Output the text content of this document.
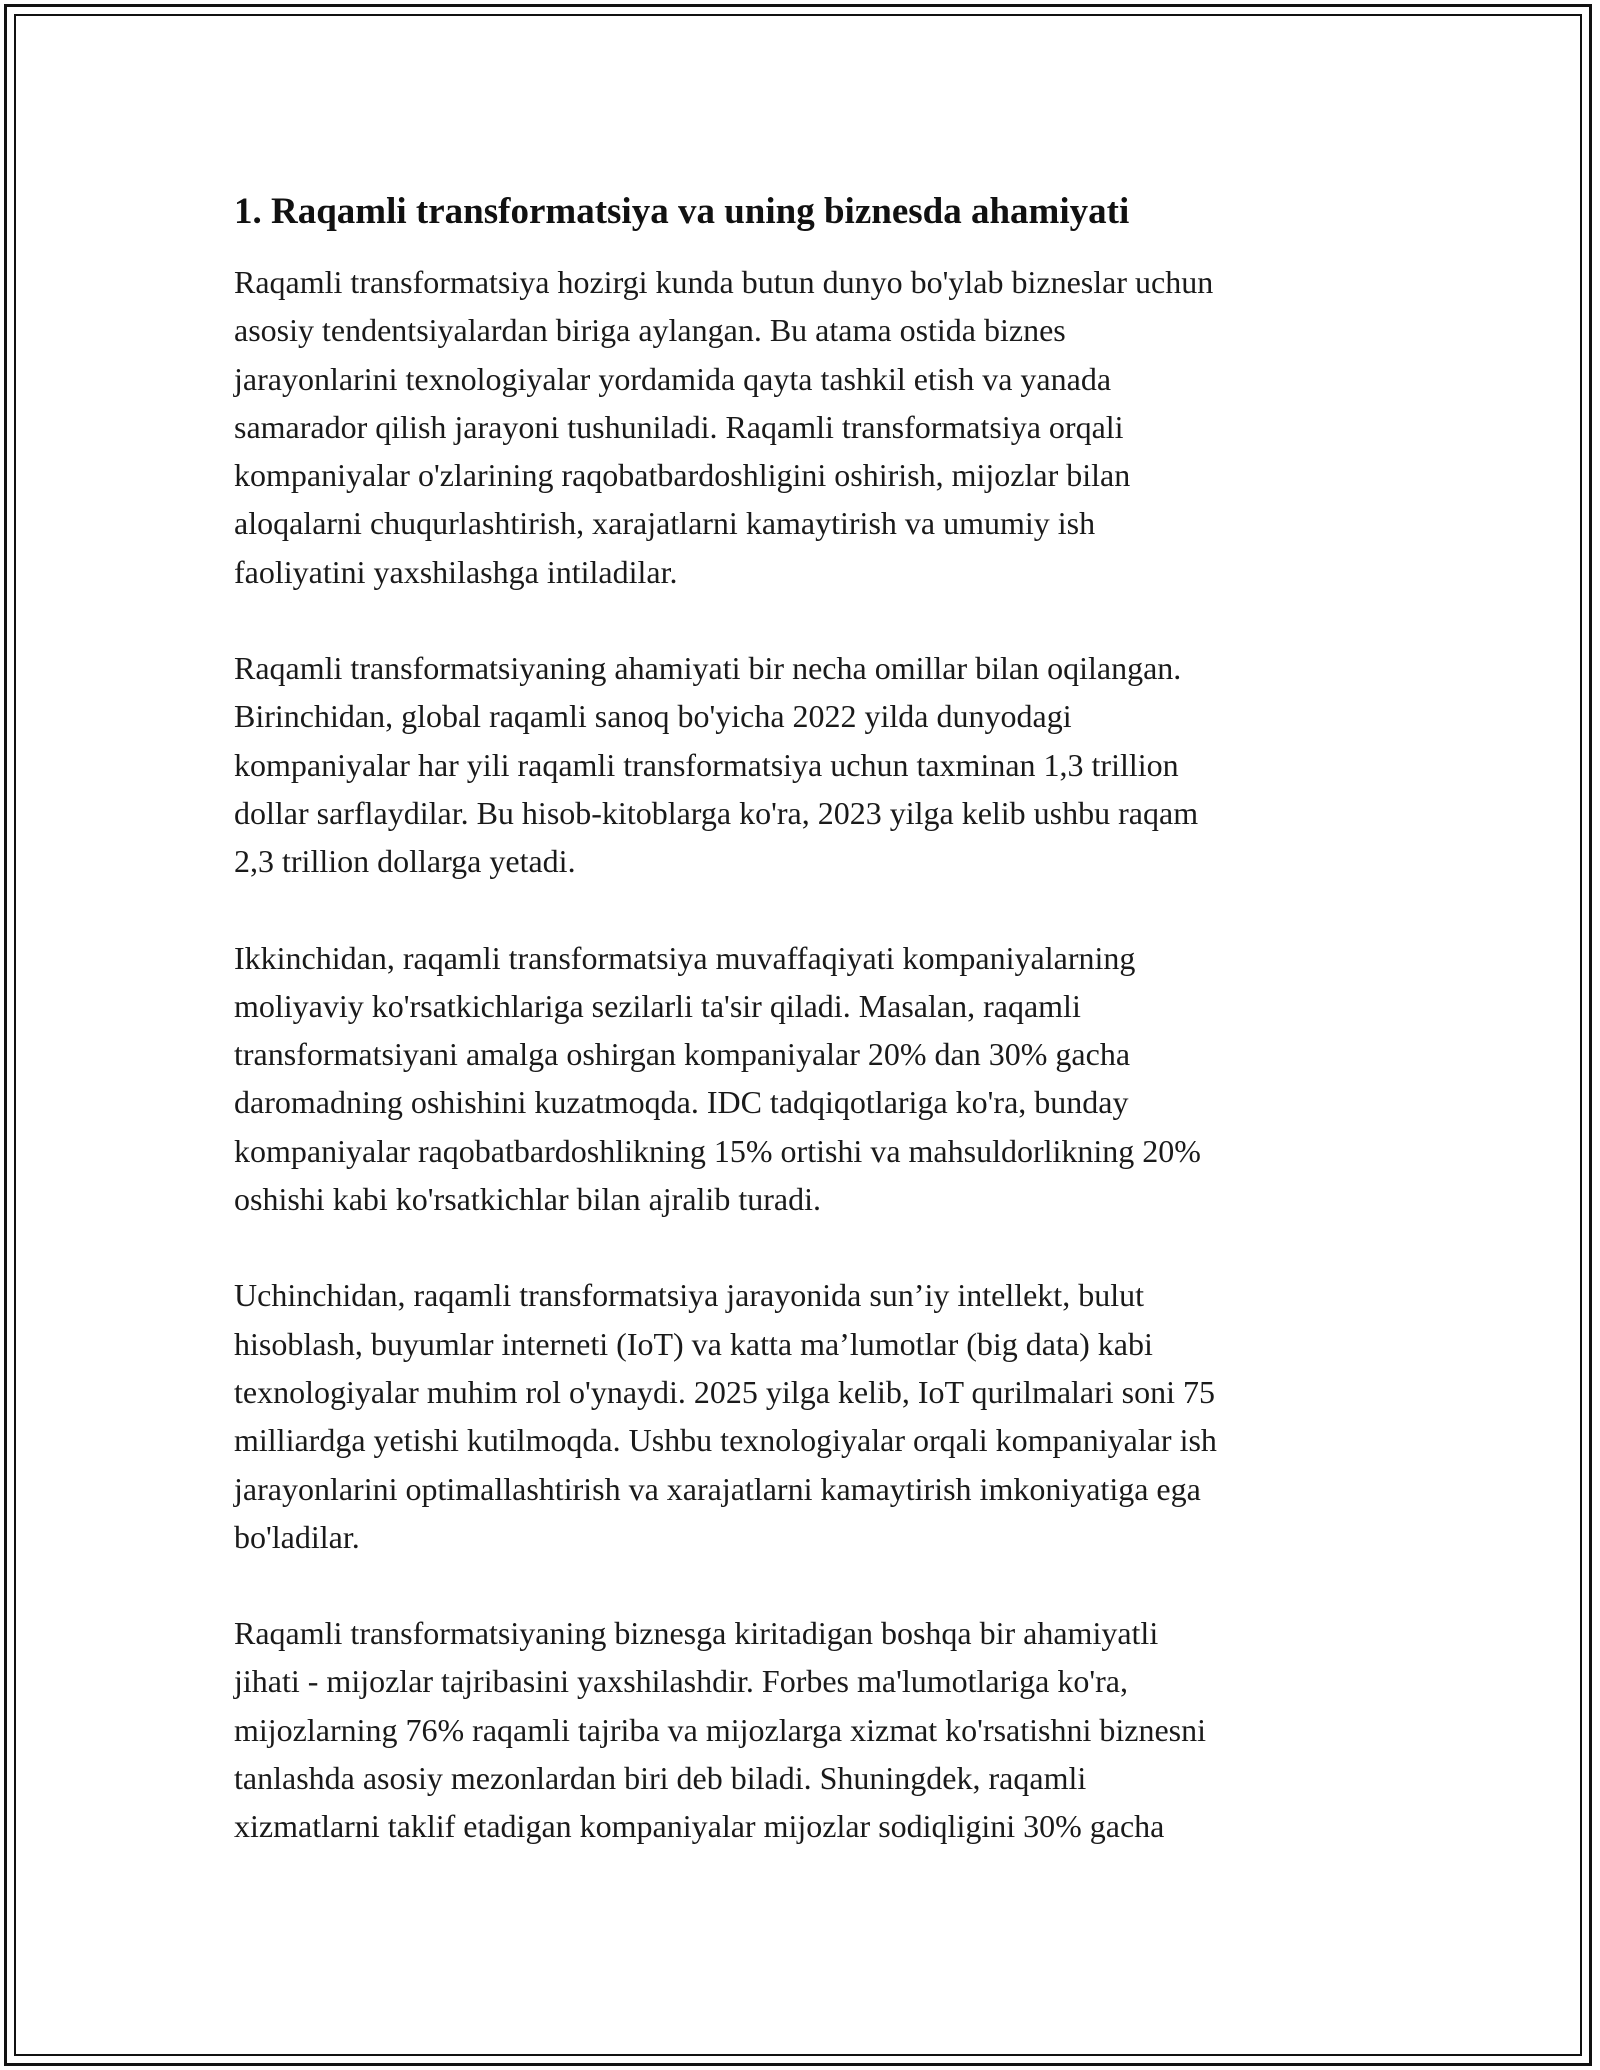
1. Raqamli transformatsiya va uning biznesda ahamiyati

Raqamli transformatsiya hozirgi kunda butun dunyo bo'ylab bizneslar uchun
asosiy tendentsiyalardan biriga aylangan. Bu atama ostida biznes
jarayonlarini texnologiyalar yordamida qayta tashkil etish va yanada
samarador qilish jarayoni tushuniladi. Raqamli transformatsiya orqali
kompaniyalar o'zlarining raqobatbardoshligini oshirish, mijozlar bilan
aloqalarni chuqurlashtirish, xarajatlarni kamaytirish va umumiy ish
faoliyatini yaxshilashga intiladilar.

Raqamli transformatsiyaning ahamiyati bir necha omillar bilan oqilangan.
Birinchidan, global raqamli sanoq bo'yicha 2022 yilda dunyodagi
kompaniyalar har yili raqamli transformatsiya uchun taxminan 1,3 trillion
dollar sarflaydilar. Bu hisob-kitoblarga ko'ra, 2023 yilga kelib ushbu raqam
2,3 trillion dollarga yetadi.

Ikkinchidan, raqamli transformatsiya muvaffaqiyati kompaniyalarning
moliyaviy ko'rsatkichlariga sezilarli ta'sir qiladi. Masalan, raqamli
transformatsiyani amalga oshirgan kompaniyalar 20% dan 30% gacha
daromadning oshishini kuzatmoqda. IDC tadqiqotlariga ko'ra, bunday
kompaniyalar raqobatbardoshlikning 15% ortishi va mahsuldorlikning 20%
oshishi kabi ko'rsatkichlar bilan ajralib turadi.

Uchinchidan, raqamli transformatsiya jarayonida sun’iy intellekt, bulut
hisoblash, buyumlar interneti (IoT) va katta ma’lumotlar (big data) kabi
texnologiyalar muhim rol o'ynaydi. 2025 yilga kelib, IoT qurilmalari soni 75
milliardga yetishi kutilmoqda. Ushbu texnologiyalar orqali kompaniyalar ish
jarayonlarini optimallashtirish va xarajatlarni kamaytirish imkoniyatiga ega
bo'ladilar.

Raqamli transformatsiyaning biznesga kiritadigan boshqa bir ahamiyatli
jihati - mijozlar tajribasini yaxshilashdir. Forbes ma'lumotlariga ko'ra,
mijozlarning 76% raqamli tajriba va mijozlarga xizmat ko'rsatishni biznesni
tanlashda asosiy mezonlardan biri deb biladi. Shuningdek, raqamli
xizmatlarni taklif etadigan kompaniyalar mijozlar sodiqligini 30% gacha
